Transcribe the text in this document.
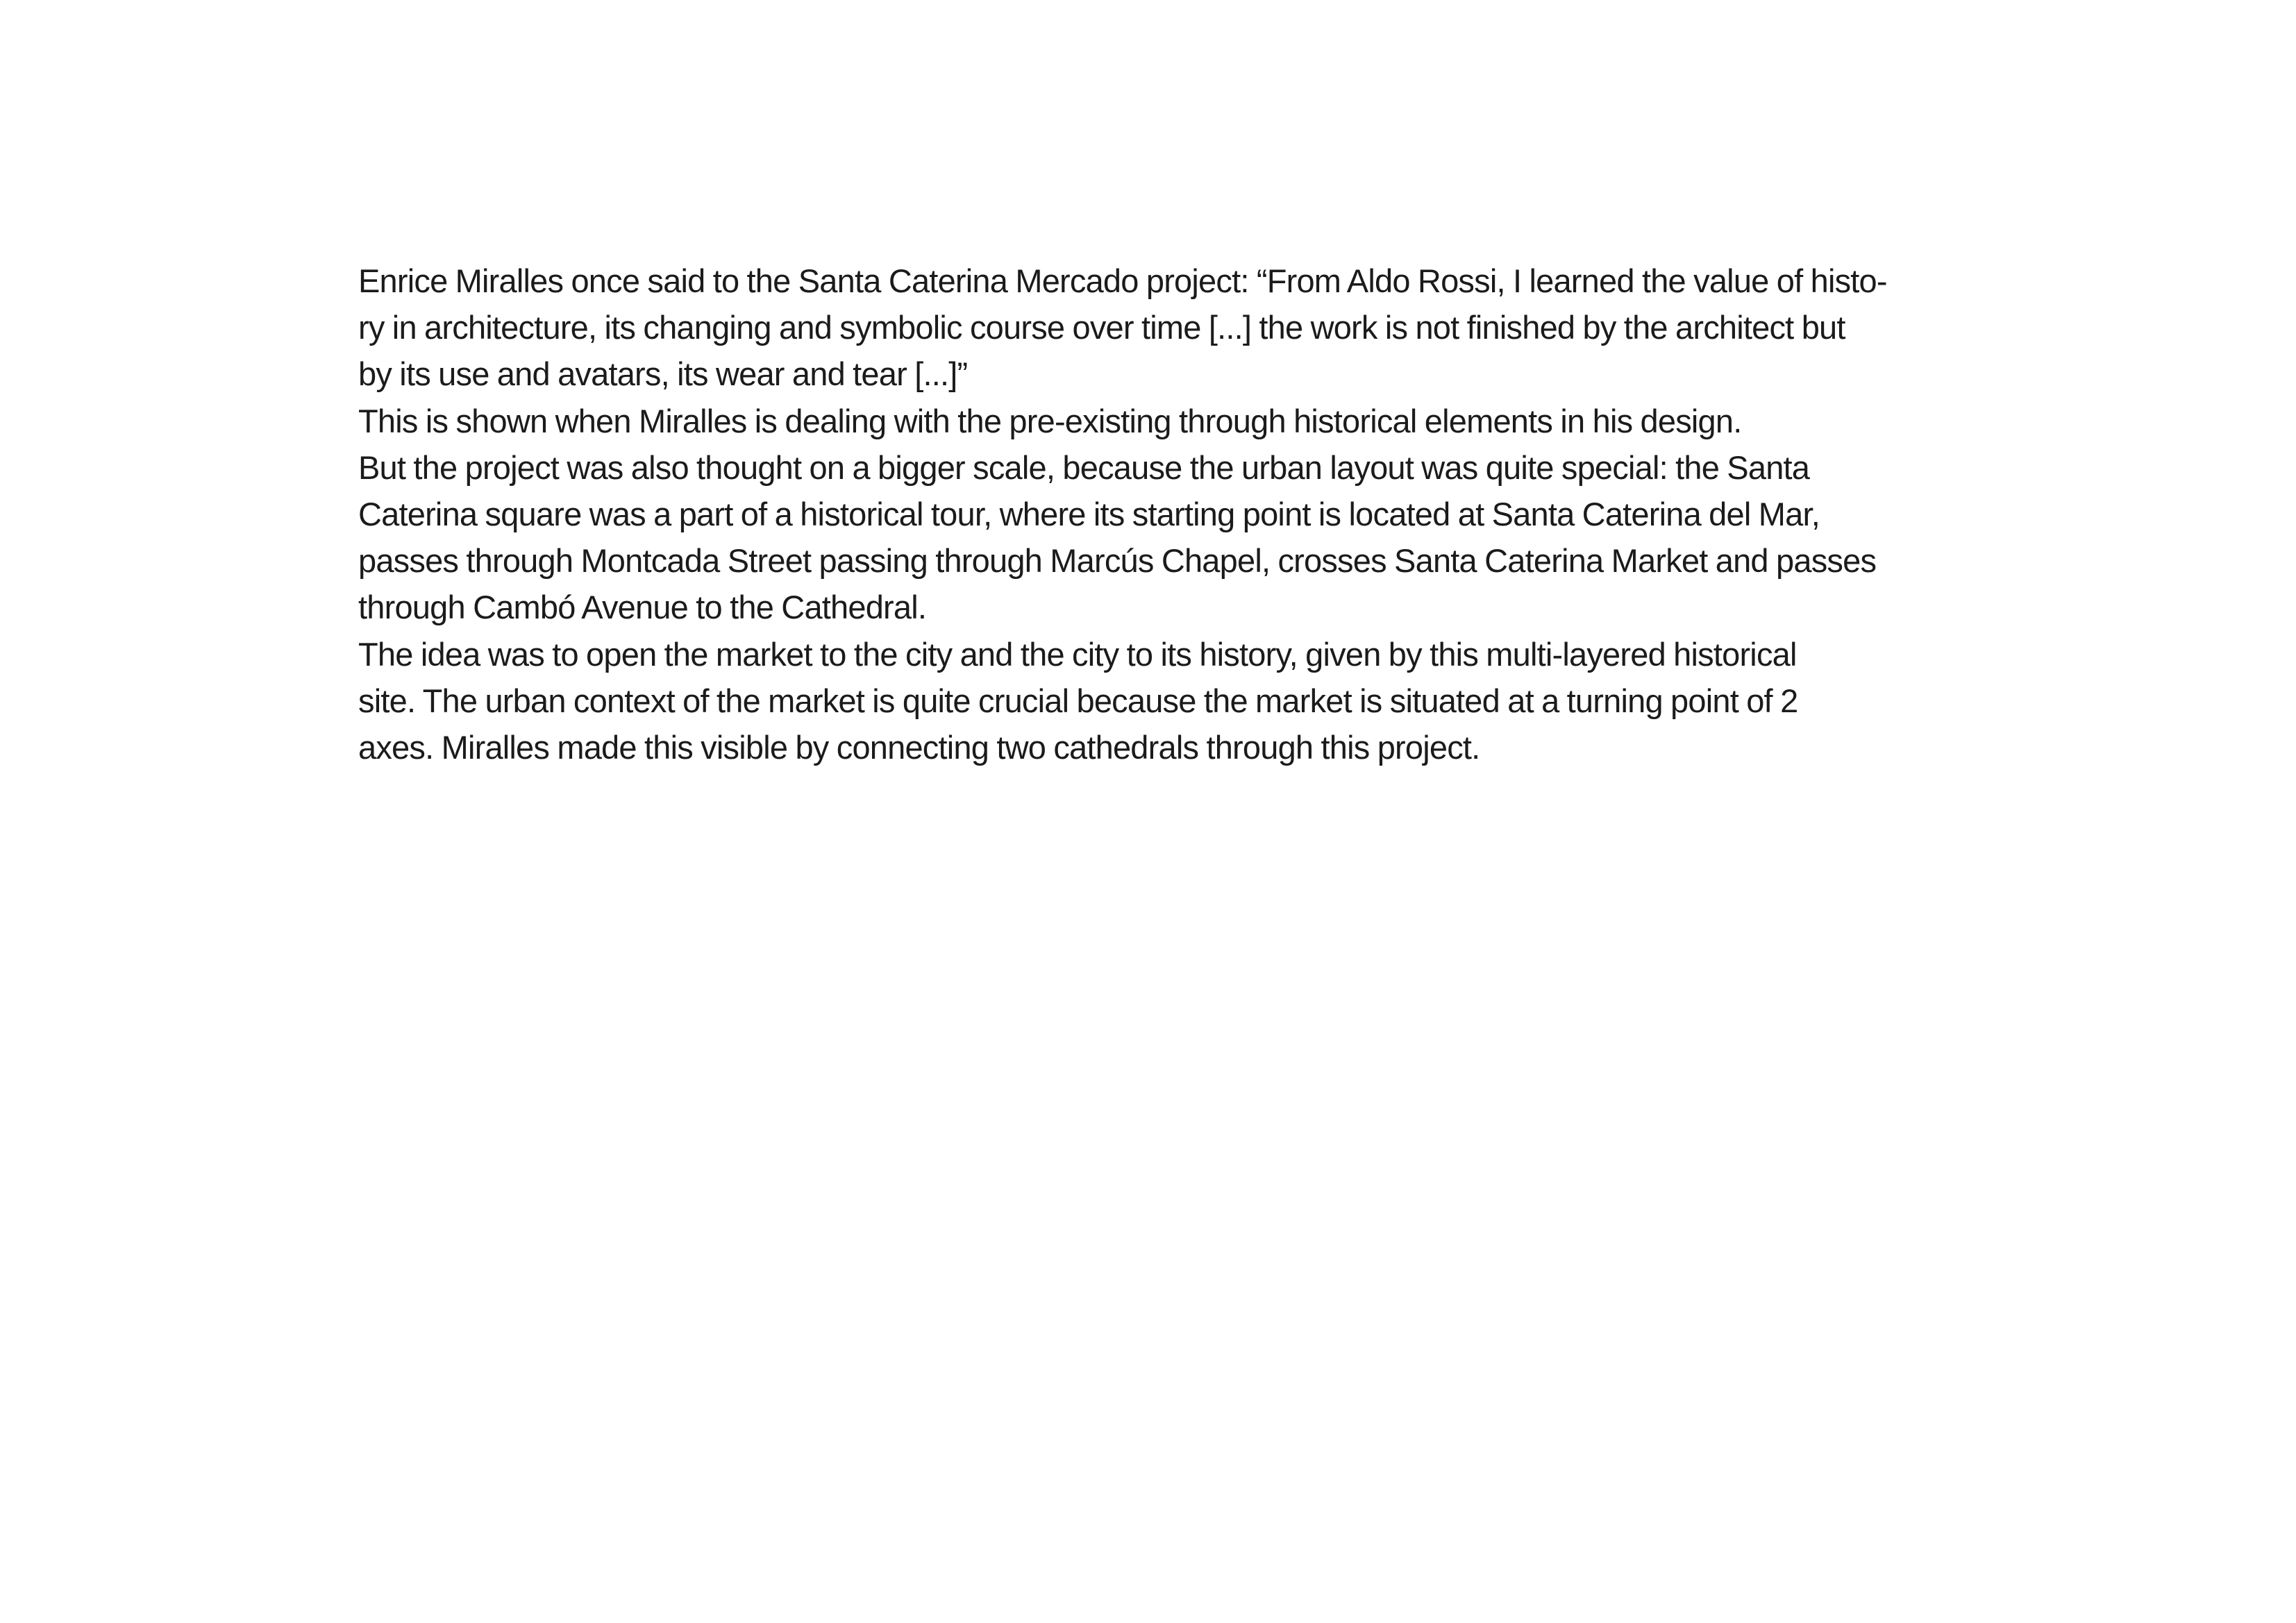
Enrice Miralles once said to the Santa Caterina Mercado project: “From Aldo Rossi, I learned the value of histo-
ry in architecture, its changing and symbolic course over time [...] the work is not finished by the architect but
by its use and avatars, its wear and tear [...]”
This is shown when Miralles is dealing with the pre-existing through historical elements in his design.
But the project was also thought on a bigger scale, because the urban layout was quite special: the Santa
Caterina square was a part of a historical tour, where its starting point is located at Santa Caterina del Mar,
passes through Montcada Street passing through Marcús Chapel, crosses Santa Caterina Market and passes
through Cambó Avenue to the Cathedral.
The idea was to open the market to the city and the city to its history, given by this multi-layered historical
site. The urban context of the market is quite crucial because the market is situated at a turning point of 2
axes. Miralles made this visible by connecting two cathedrals through this project.
